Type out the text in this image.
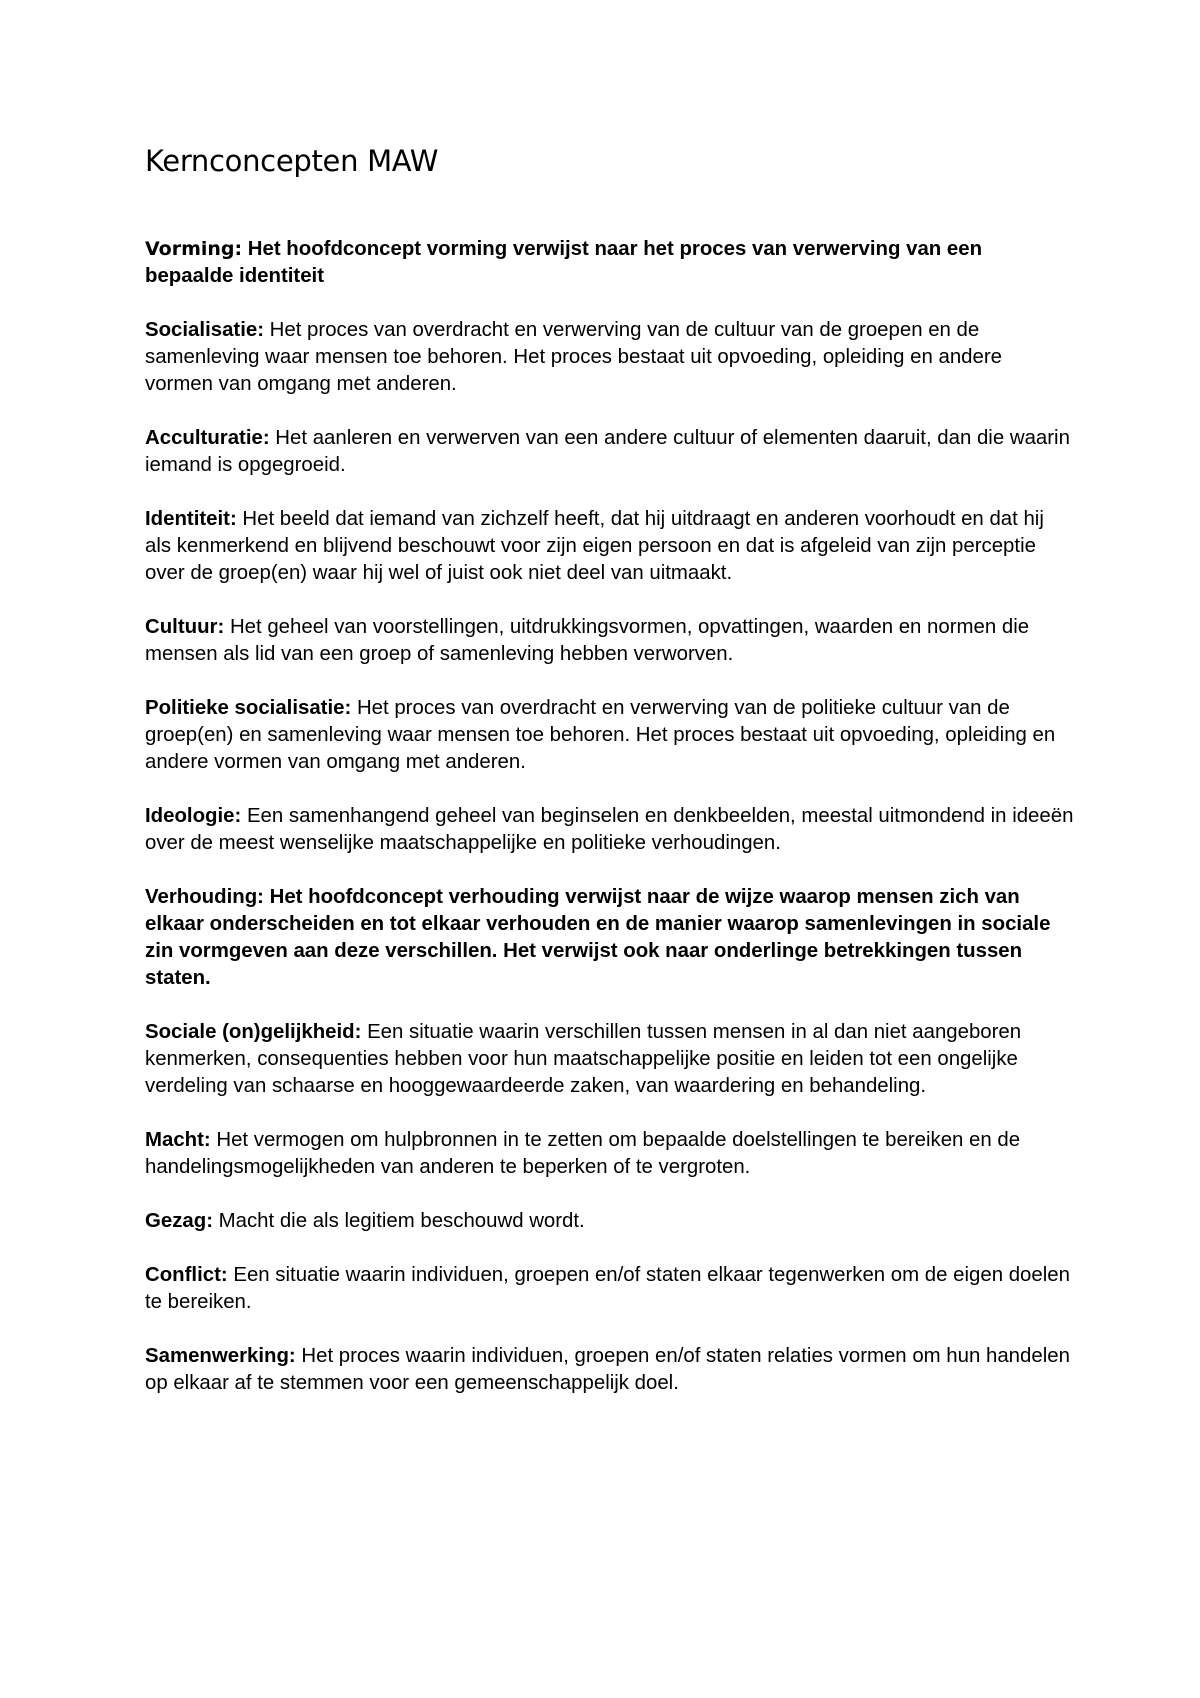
Kernconcepten MAW

Vorming: Het hoofdconcept vorming verwijst naar het proces van verwerving van een bepaalde identiteit

Socialisatie: Het proces van overdracht en verwerving van de cultuur van de groepen en de samenleving waar mensen toe behoren. Het proces bestaat uit opvoeding, opleiding en andere vormen van omgang met anderen.

Acculturatie: Het aanleren en verwerven van een andere cultuur of elementen daaruit, dan die waarin iemand is opgegroeid.

Identiteit: Het beeld dat iemand van zichzelf heeft, dat hij uitdraagt en anderen voorhoudt en dat hij als kenmerkend en blijvend beschouwt voor zijn eigen persoon en dat is afgeleid van zijn perceptie over de groep(en) waar hij wel of juist ook niet deel van uitmaakt.

Cultuur: Het geheel van voorstellingen, uitdrukkingsvormen, opvattingen, waarden en normen die mensen als lid van een groep of samenleving hebben verworven.

Politieke socialisatie: Het proces van overdracht en verwerving van de politieke cultuur van de groep(en) en samenleving waar mensen toe behoren. Het proces bestaat uit opvoeding, opleiding en andere vormen van omgang met anderen.

Ideologie: Een samenhangend geheel van beginselen en denkbeelden, meestal uitmondend in ideeën over de meest wenselijke maatschappelijke en politieke verhoudingen.

Verhouding: Het hoofdconcept verhouding verwijst naar de wijze waarop mensen zich van elkaar onderscheiden en tot elkaar verhouden en de manier waarop samenlevingen in sociale zin vormgeven aan deze verschillen. Het verwijst ook naar onderlinge betrekkingen tussen staten.

Sociale (on)gelijkheid: Een situatie waarin verschillen tussen mensen in al dan niet aangeboren kenmerken, consequenties hebben voor hun maatschappelijke positie en leiden tot een ongelijke verdeling van schaarse en hooggewaardeerde zaken, van waardering en behandeling.

Macht: Het vermogen om hulpbronnen in te zetten om bepaalde doelstellingen te bereiken en de handelingsmogelijkheden van anderen te beperken of te vergroten.

Gezag: Macht die als legitiem beschouwd wordt.

Conflict: Een situatie waarin individuen, groepen en/of staten elkaar tegenwerken om de eigen doelen te bereiken.

Samenwerking: Het proces waarin individuen, groepen en/of staten relaties vormen om hun handelen op elkaar af te stemmen voor een gemeenschappelijk doel.
